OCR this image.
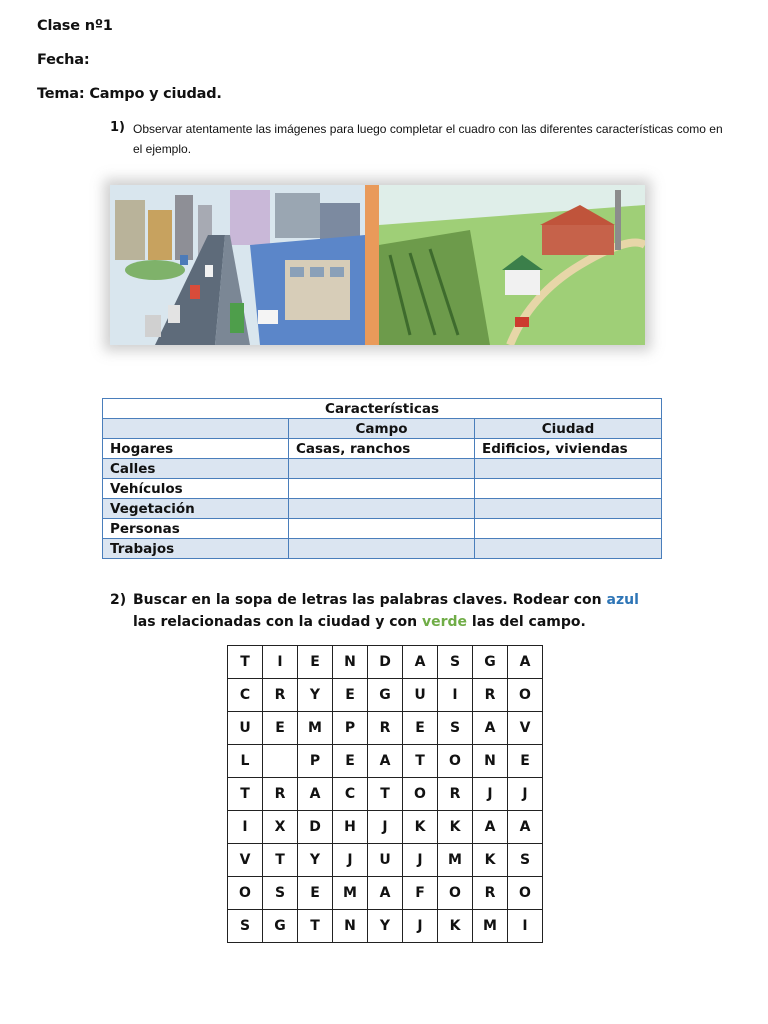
Clase nº1
Fecha:
Tema: Campo y ciudad.
1) Observar atentamente las imágenes para luego completar el cuadro con las diferentes características como en el ejemplo.
Características		
	Campo	Ciudad
Hogares	Casas, ranchos	Edificios, viviendas
Calles		
Vehículos		
Vegetación		
Personas		
Trabajos		
2) Buscar en la sopa de letras las palabras claves. Rodear con azul las relacionadas con la ciudad y con verde las del campo.
T	I	E	N	D	A	S	G	A
C	R	Y	E	G	U	I	R	O
U	E	M	P	R	E	S	A	V
L		P	E	A	T	O	N	E
T	R	A	C	T	O	R	J	J
I	X	D	H	J	K	K	A	A
V	T	Y	J	U	J	M	K	S
O	S	E	M	A	F	O	R	O
S	G	T	N	Y	J	K	M	I
